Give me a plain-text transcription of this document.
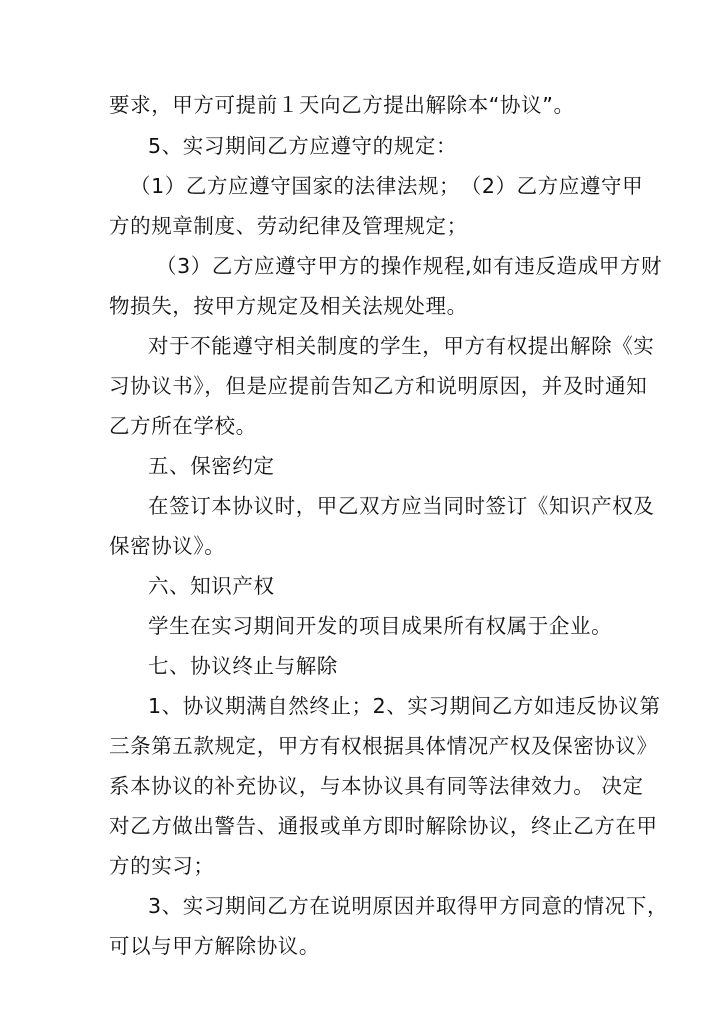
要求，甲方可提前１天向乙方提出解除本“协议”。
5、实习期间乙方应遵守的规定：
（1）乙方应遵守国家的法律法规；　（2）乙方应遵守甲
方的规章制度、劳动纪律及管理规定；
（3）乙方应遵守甲方的操作规程,如有违反造成甲方财
物损失，按甲方规定及相关法规处理。
对于不能遵守相关制度的学生，甲方有权提出解除《实
习协议书》，但是应提前告知乙方和说明原因，并及时通知
乙方所在学校。
五、保密约定
在签订本协议时，甲乙双方应当同时签订《知识产权及
保密协议》。
六、知识产权
学生在实习期间开发的项目成果所有权属于企业。
七、协议终止与解除
1、协议期满自然终止；2、实习期间乙方如违反协议第
三条第五款规定，甲方有权根据具体情况产权及保密协议》
系本协议的补充协议，与本协议具有同等法律效力。 决定
对乙方做出警告、通报或单方即时解除协议，终止乙方在甲
方的实习；
3、实习期间乙方在说明原因并取得甲方同意的情况下，
可以与甲方解除协议。
